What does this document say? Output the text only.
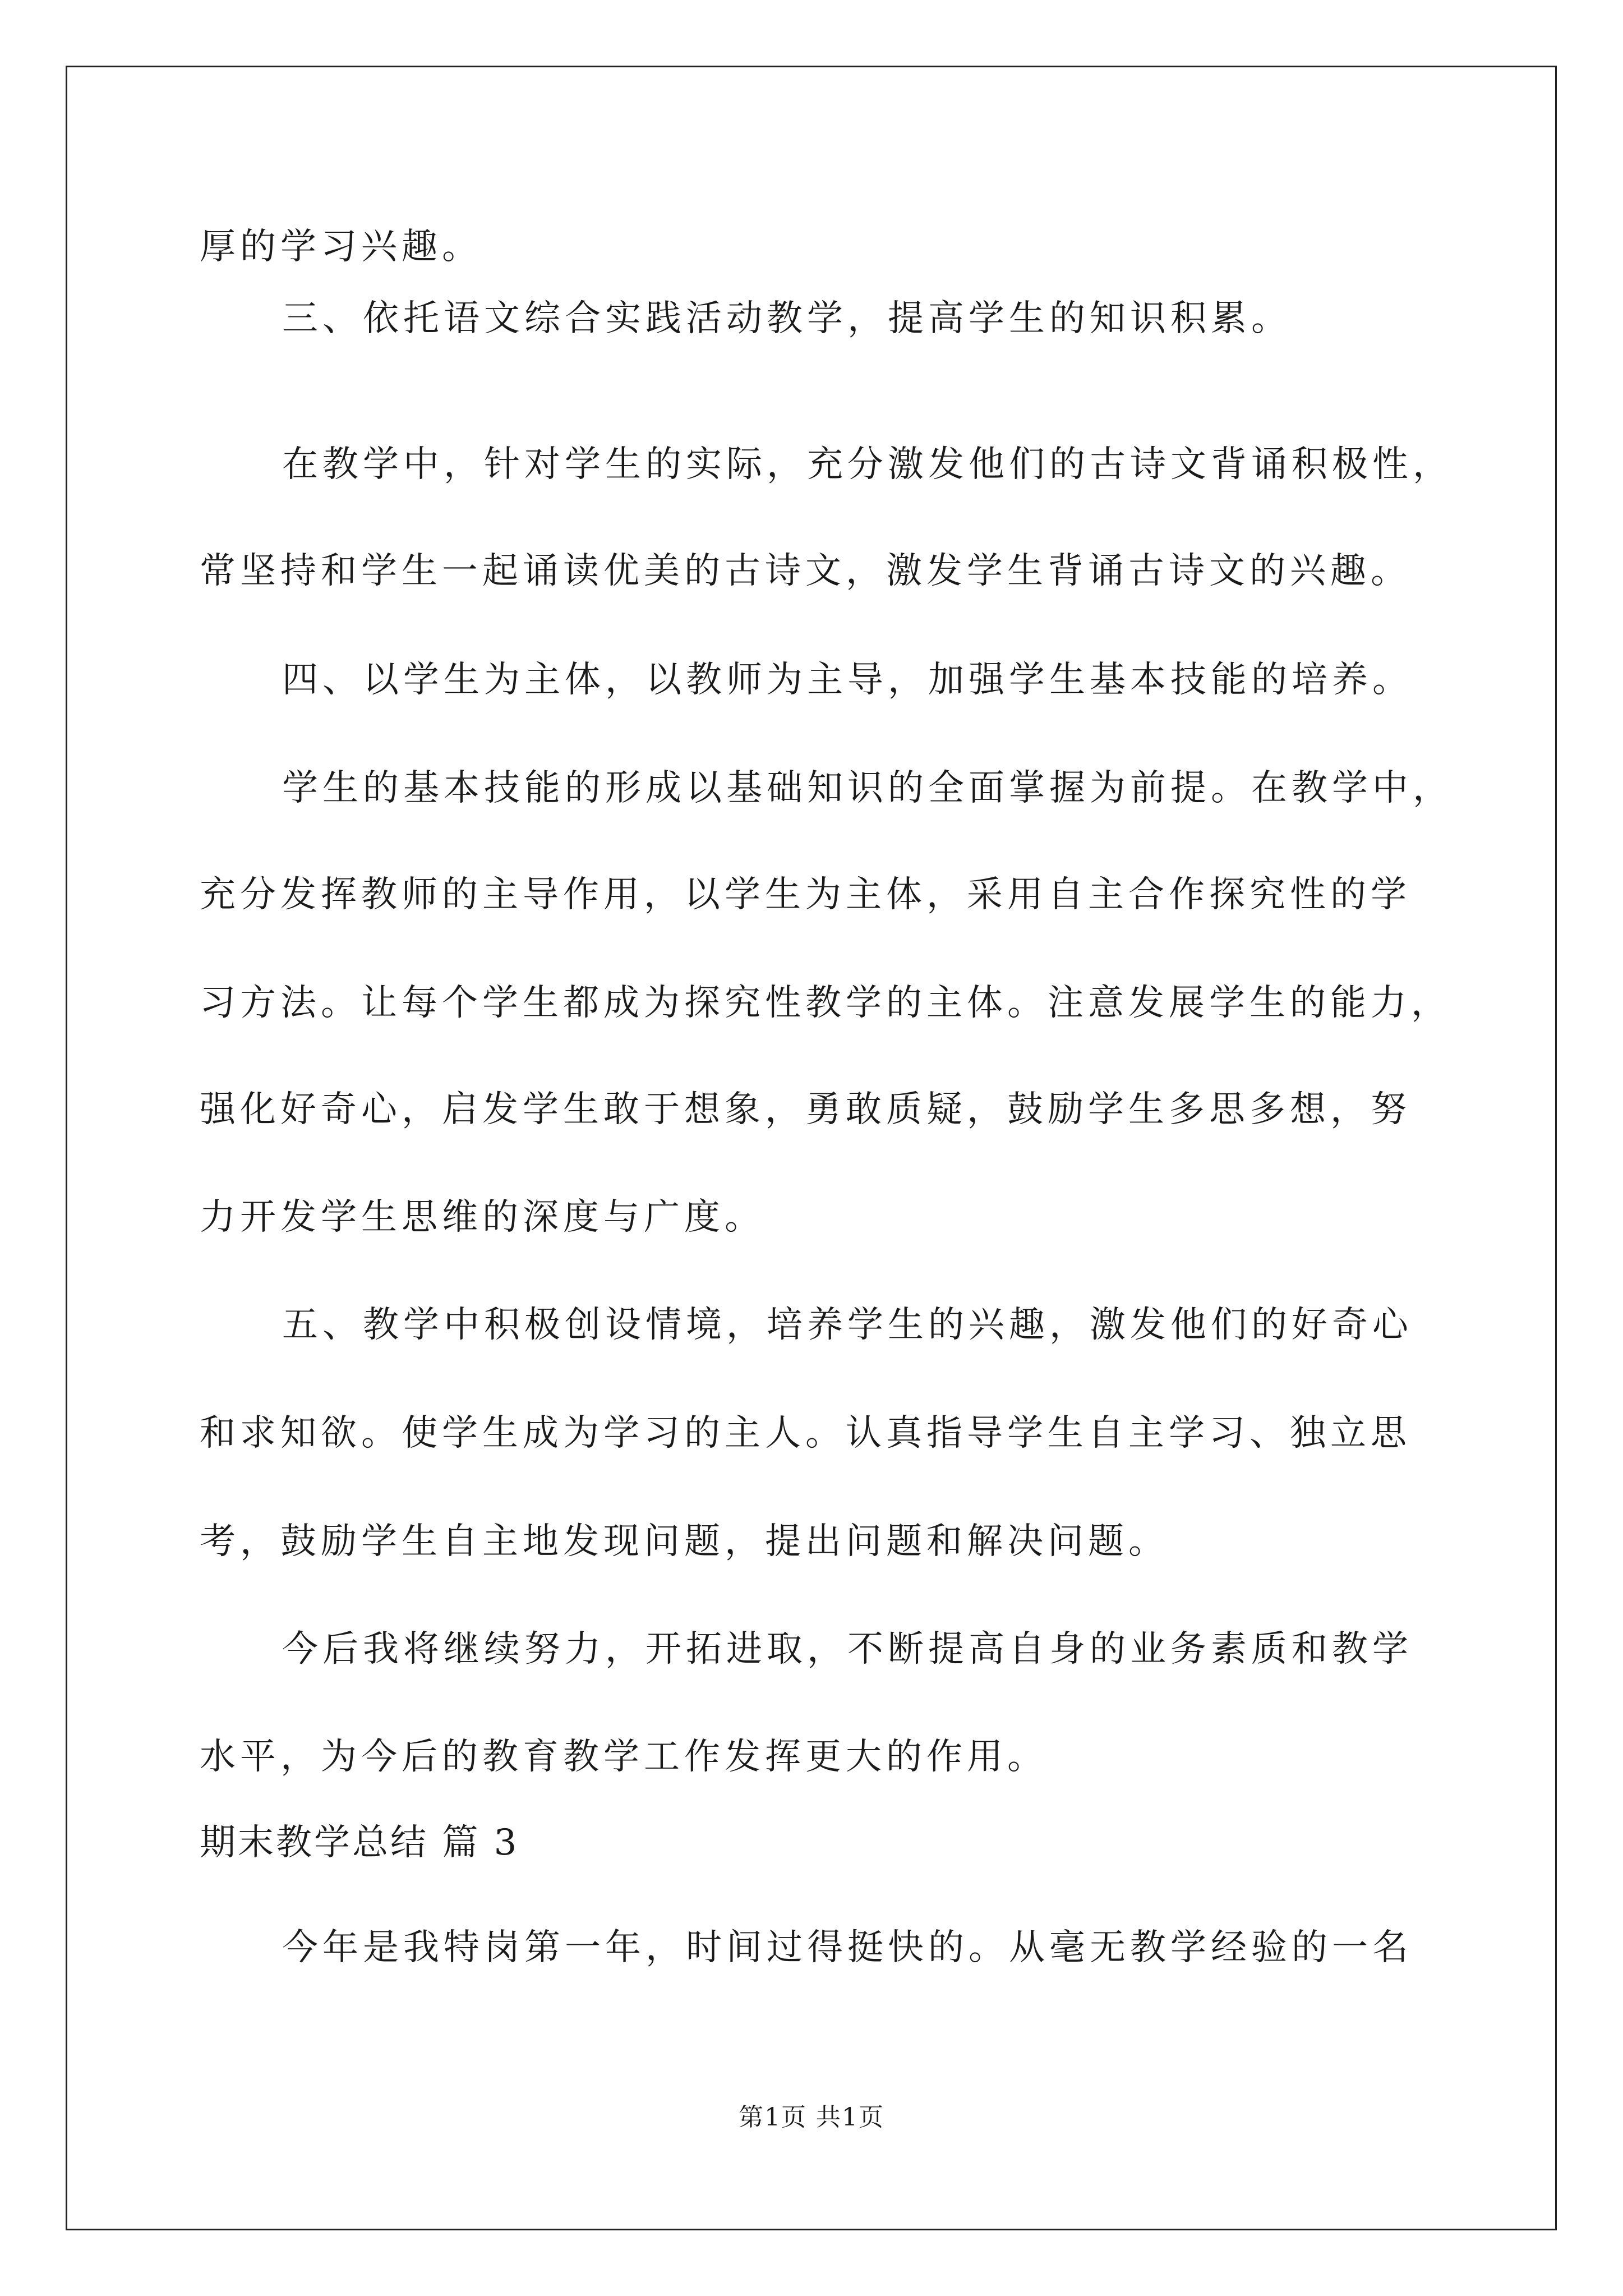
厚的学习兴趣。

三、依托语文综合实践活动教学，提高学生的知识积累。

在教学中，针对学生的实际，充分激发他们的古诗文背诵积极性，

常坚持和学生一起诵读优美的古诗文，激发学生背诵古诗文的兴趣。

四、以学生为主体，以教师为主导，加强学生基本技能的培养。

学生的基本技能的形成以基础知识的全面掌握为前提。在教学中，

充分发挥教师的主导作用，以学生为主体，采用自主合作探究性的学

习方法。让每个学生都成为探究性教学的主体。注意发展学生的能力，

强化好奇心，启发学生敢于想象，勇敢质疑，鼓励学生多思多想，努

力开发学生思维的深度与广度。

五、教学中积极创设情境，培养学生的兴趣，激发他们的好奇心

和求知欲。使学生成为学习的主人。认真指导学生自主学习、独立思

考，鼓励学生自主地发现问题，提出问题和解决问题。

今后我将继续努力，开拓进取，不断提高自身的业务素质和教学

水平，为今后的教育教学工作发挥更大的作用。

期末教学总结 篇 3

今年是我特岗第一年，时间过得挺快的。从毫无教学经验的一名

第1页 共1页
